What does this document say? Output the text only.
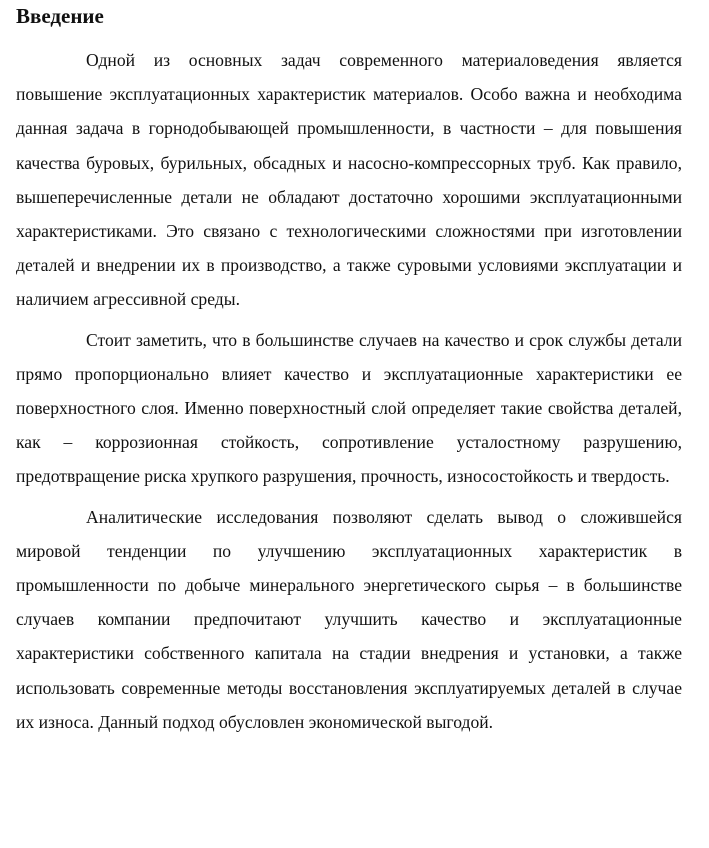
Введение

Одной из основных задач современного материаловедения является повышение эксплуатационных характеристик материалов. Особо важна и необходима данная задача в горнодобывающей промышленности, в частности – для повышения качества буровых, бурильных, обсадных и насосно-компрессорных труб. Как правило, вышеперечисленные детали не обладают достаточно хорошими эксплуатационными характеристиками. Это связано с технологическими сложностями при изготовлении деталей и внедрении их в производство, а также суровыми условиями эксплуатации и наличием агрессивной среды.

Стоит заметить, что в большинстве случаев на качество и срок службы детали прямо пропорционально влияет качество и эксплуатационные характеристики ее поверхностного слоя. Именно поверхностный слой определяет такие свойства деталей, как – коррозионная стойкость, сопротивление усталостному разрушению, предотвращение риска хрупкого разрушения, прочность, износостойкость и твердость.

Аналитические исследования позволяют сделать вывод о сложившейся мировой тенденции по улучшению эксплуатационных характеристик в промышленности по добыче минерального энергетического сырья – в большинстве случаев компании предпочитают улучшить качество и эксплуатационные характеристики собственного капитала на стадии внедрения и установки, а также использовать современные методы восстановления эксплуатируемых деталей в случае их износа. Данный подход обусловлен экономической выгодой.
